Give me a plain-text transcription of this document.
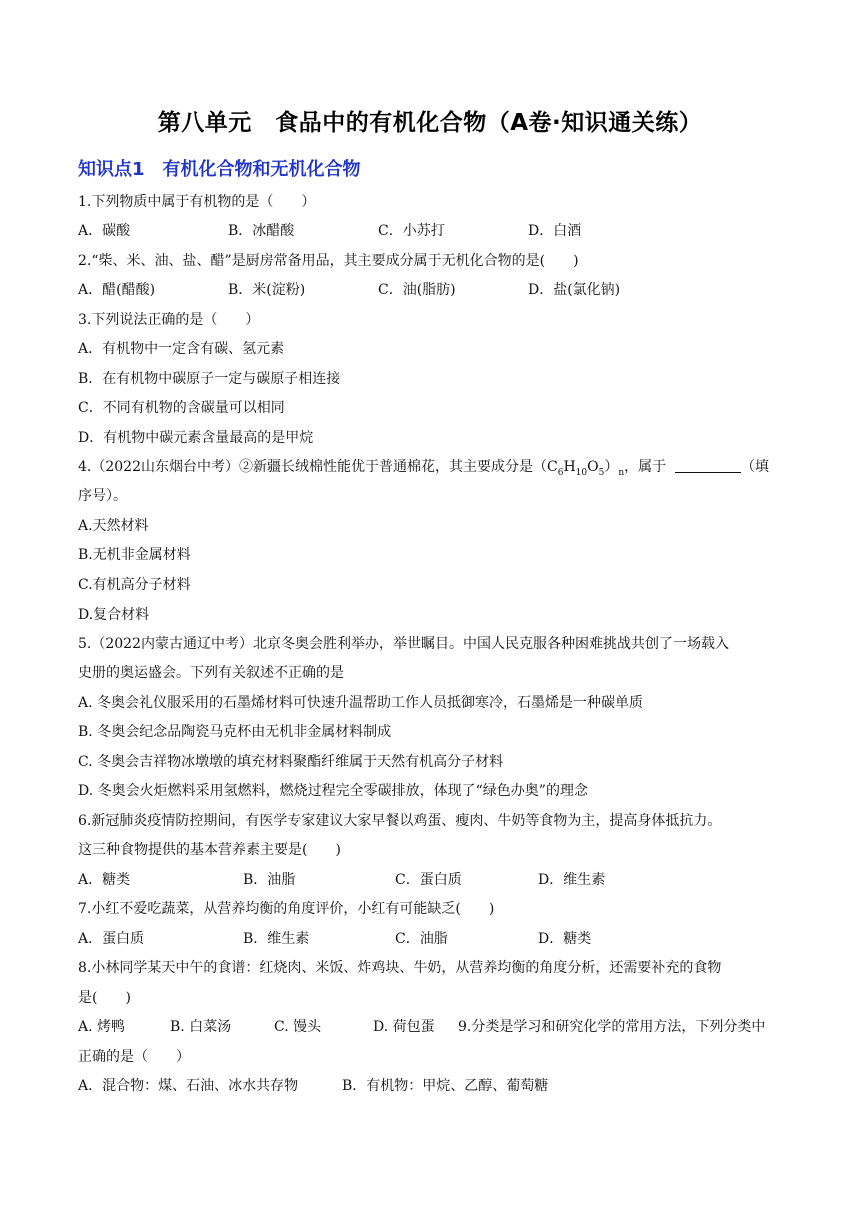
第八单元　食品中的有机化合物（A卷·知识通关练）
知识点1　有机化合物和无机化合物
1.下列物质中属于有机物的是（　　）
A．碳酸	B．冰醋酸	C．小苏打	D．白酒
2.“柴、米、油、盐、醋”是厨房常备用品，其主要成分属于无机化合物的是(　　)
A．醋(醋酸)	B．米(淀粉)	C．油(脂肪)	D．盐(氯化钠)
3.下列说法正确的是（　　）
A．有机物中一定含有碳、氢元素
B．在有机物中碳原子一定与碳原子相连接
C．不同有机物的含碳量可以相同
D．有机物中碳元素含量最高的是甲烷
4.（2022山东烟台中考）②新疆长绒棉性能优于普通棉花，其主要成分是$(C_6H_{10}O_5)_n$，属于	（填
序号）。
A.天然材料
B.无机非金属材料
C.有机高分子材料
D.复合材料
5.（2022内蒙古通辽中考）北京冬奥会胜利举办，举世瞩目。中国人民克服各种困难挑战共创了一场载入
史册的奥运盛会。下列有关叙述不正确的是
A. 冬奥会礼仪服采用的石墨烯材料可快速升温帮助工作人员抵御寒冷，石墨烯是一种碳单质
B. 冬奥会纪念品陶瓷马克杯由无机非金属材料制成
C. 冬奥会吉祥物冰墩墩的填充材料聚酯纤维属于天然有机高分子材料
D. 冬奥会火炬燃料采用氢燃料，燃烧过程完全零碳排放，体现了“绿色办奥”的理念
6.新冠肺炎疫情防控期间，有医学专家建议大家早餐以鸡蛋、瘦肉、牛奶等食物为主，提高身体抵抗力。
这三种食物提供的基本营养素主要是(　　)
A．糖类	B．油脂	C．蛋白质	D．维生素
7.小红不爱吃蔬菜，从营养均衡的角度评价，小红有可能缺乏(　　)
A．蛋白质	B．维生素	C．油脂	D．糖类
8.小林同学某天中午的食谱：红烧肉、米饭、炸鸡块、牛奶，从营养均衡的角度分析，还需要补充的食物
是(　　)
A. 烤鸭	B. 白菜汤	C. 馒头	D. 荷包蛋 9.分类是学习和研究化学的常用方法，下列分类中
正确的是（　　）
A．混合物：煤、石油、冰水共存物	B．有机物：甲烷、乙醇、葡萄糖
